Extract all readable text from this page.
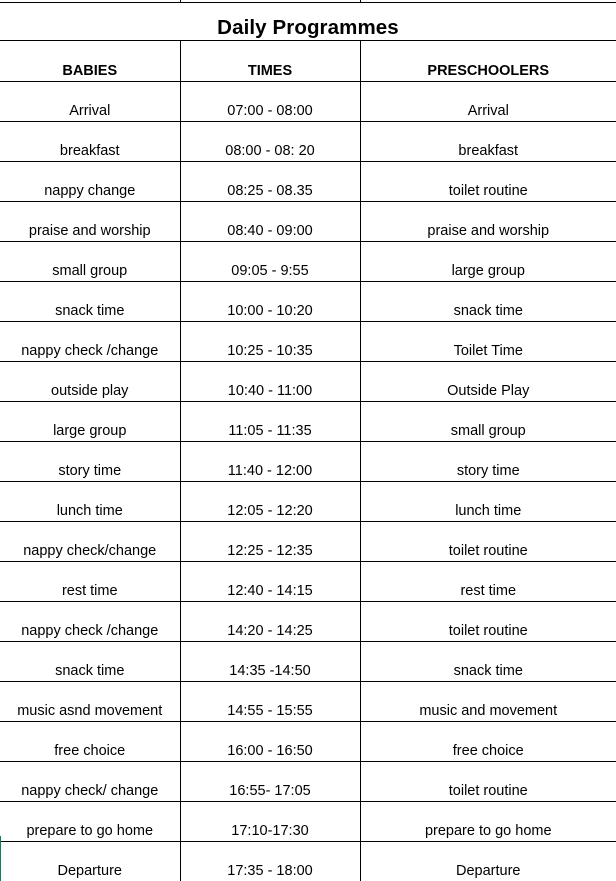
Daily Programmes
BABIES	TIMES	PRESCHOOLERS
Arrival	07:00 - 08:00	Arrival
breakfast	08:00 - 08: 20	breakfast
nappy change	08:25 - 08.35	toilet routine
praise and worship	08:40 - 09:00	praise and worship
small group	09:05 - 9:55	large group
snack time	10:00 - 10:20	snack time
nappy check /change	10:25 - 10:35	Toilet Time
outside play	10:40 - 11:00	Outside Play
large group	11:05 - 11:35	small group
story time	11:40 - 12:00	story time
lunch time	12:05 - 12:20	lunch time
nappy check/change	12:25 - 12:35	toilet routine
rest time	12:40 - 14:15	rest time
nappy check /change	14:20 - 14:25	toilet routine
snack time	14:35 -14:50	snack time
music asnd movement	14:55 - 15:55	music and movement
free choice	16:00 - 16:50	free choice
nappy check/ change	16:55- 17:05	toilet routine
prepare to go home	17:10-17:30	prepare to go home
Departure	17:35 - 18:00	Departure
